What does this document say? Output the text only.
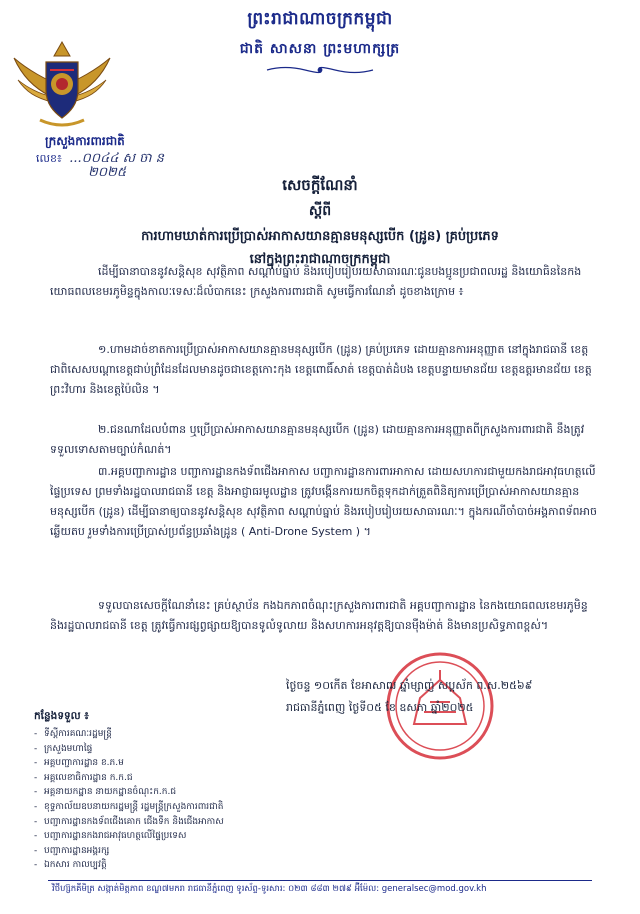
ព្រះរាជាណាចក្រកម្ពុជា
ជាតិ សាសនា ព្រះមហាក្សត្រ
ក្រសួងការពារជាតិ
លេខ៖ ...០០៤៤ ស ចា ន
២០២៥
សេចក្ដីណែនាំ
ស្ដីពី
ការហាមឃាត់ការប្រើប្រាស់អាកាសយានគ្មានមនុស្សបើក (ដ្រូន) គ្រប់ប្រភេទ
នៅក្នុងព្រះរាជាណាចក្រកម្ពុជា
ដើម្បីធានាបាននូវសន្តិសុខ សុវត្ថិភាព សណ្ដាប់ធ្នាប់ និងរបៀបរៀបរយសាធារណៈជូនបងប្អូនប្រជាពលរដ្ឋ និងយោធិននៃកងយោធពលខេមរភូមិន្ទក្នុងកាលៈទេសៈដ៏លំបាកនេះ ក្រសួងការពារជាតិ សូមធ្វើការណែនាំ ដូចខាងក្រោម ៖
១.ហាមដាច់ខាតការប្រើប្រាស់អាកាសយានគ្មានមនុស្សបើក (ដ្រូន) គ្រប់ប្រភេទ ដោយគ្មានការអនុញ្ញាត នៅក្នុងរាជធានី ខេត្ត ជាពិសេសបណ្ដាខេត្តជាប់ព្រំដែនដែលមានដូចជាខេត្តកោះកុង ខេត្តពោធិ៍សាត់ ខេត្តបាត់ដំបង ខេត្តបន្ទាយមានជ័យ ខេត្តឧត្តរមានជ័យ ខេត្តព្រះវិហារ និងខេត្តប៉ៃលិន ។
២.ជនណាដែលបំពាន ឬប្រើប្រាស់អាកាសយានគ្មានមនុស្សបើក (ដ្រូន) ដោយគ្មានការអនុញ្ញាតពីក្រសួងការពារជាតិ នឹងត្រូវទទួលទោសតាមច្បាប់កំណត់។
៣.អគ្គបញ្ជាការដ្ឋាន បញ្ជាការដ្ឋានកងទ័ពជើងអាកាស បញ្ជាការដ្ឋានការពារអាកាស ដោយសហការជាមួយកងរាជអាវុធហត្ថលើផ្ទៃប្រទេស ព្រមទាំងរដ្ឋបាលរាជធានី ខេត្ត និងអាជ្ញាធរមូលដ្ឋាន ត្រូវបង្កើនការយកចិត្តទុកដាក់ត្រួតពិនិត្យការប្រើប្រាស់អាកាសយានគ្មានមនុស្សបើក (ដ្រូន) ដើម្បីធានាឲ្យបាននូវសន្តិសុខ សុវត្ថិភាព សណ្ដាប់ធ្នាប់ និងរបៀបរៀបរយសាធារណៈ។ ក្នុងករណីចាំបាច់អង្គភាពទ័ពអាចឆ្លើយតប រួមទាំងការប្រើប្រាស់ប្រព័ន្ធប្រឆាំងដ្រូន ( Anti-Drone System ) ។
ទទួលបានសេចក្ដីណែនាំនេះ គ្រប់ស្ថាប័ន កងឯកភាពចំណុះក្រសួងការពារជាតិ អគ្គបញ្ជាការដ្ឋាន នៃកងយោធពលខេមរភូមិន្ទ និងរដ្ឋបាលរាជធានី ខេត្ត ត្រូវធ្វើការផ្សព្វផ្សាយឱ្យបានទូលំទូលាយ និងសហការអនុវត្តឱ្យបានម៉ឺងម៉ាត់ និងមានប្រសិទ្ធភាពខ្ពស់។
ថ្ងៃចន្ទ ១០កើត ខែអាសាឍ ឆ្នាំម្សាញ់ សប្តស័ក ព.ស.២៥៦៩
រាជធានីភ្នំពេញ ថ្ងៃទី០៥ ខែ ឧសភា ឆ្នាំ២០២៥
កន្លែងទទួល ៖
- ទីស្ដីការគណៈរដ្ឋមន្ត្រី
- ក្រសួងមហាផ្ទៃ
- អគ្គបញ្ជាការដ្ឋាន ខ.ភ.ម
- អគ្គលេខាធិការដ្ឋាន ក.ក.ជ
- អគ្គនាយកដ្ឋាន នាយកដ្ឋានចំណុះក.ក.ជ
- ខុទ្ទកាល័យឧបនាយករដ្ឋមន្ត្រី រដ្ឋមន្ត្រីក្រសួងការពារជាតិ
- បញ្ជាការដ្ឋានកងទ័ពជើងគោក ជើងទឹក និងជើងអាកាស
- បញ្ជាការដ្ឋានកងរាជអាវុធហត្ថលើផ្ទៃប្រទេស
- បញ្ជាការដ្ឋានអង្គរក្ស
- ឯកសារ កាលប្បវត្តិ
វិថីហ្ស៊កគីមិត្រ សង្កាត់មិត្តភាព ខណ្ឌ៧មករា រាជធានីភ្នំពេញ ទូរស័ព្ទ-ទូរសារ: ០២៣ ៨៨៣ ២៧៩ អ៊ីម៉ែល: generalsec@mod.gov.kh
